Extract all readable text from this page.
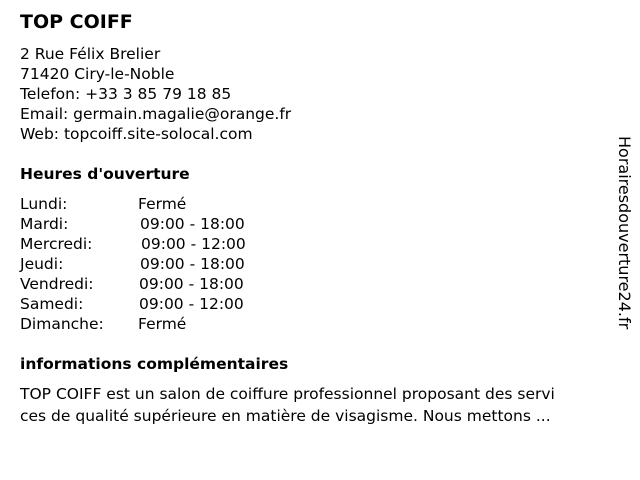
TOP COIFF
2 Rue Félix Brelier
71420 Ciry-le-Noble
Telefon: +33 3 85 79 18 85
Email: germain.magalie@orange.fr
Web: topcoiff.site-solocal.com
Heures d'ouverture
Lundi:	Fermé
Mardi:	09:00 - 18:00
Mercredi:	09:00 - 12:00
Jeudi:	09:00 - 18:00
Vendredi:	09:00 - 18:00
Samedi:	09:00 - 12:00
Dimanche: Fermé
informations complémentaires
TOP COIFF est un salon de coiffure professionnel proposant des servi
ces de qualité supérieure en matière de visagisme. Nous mettons ...
Horairesdouverture24.fr
